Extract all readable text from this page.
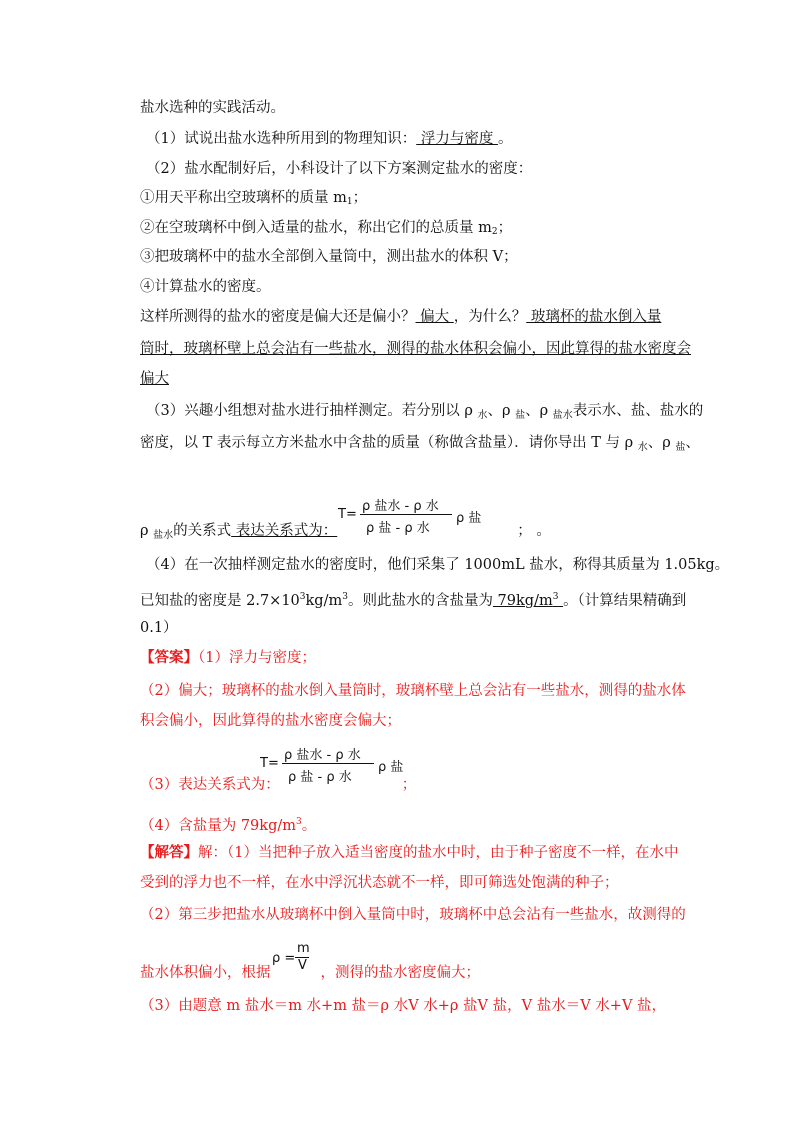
盐水选种的实践活动。
（1）试说出盐水选种所用到的物理知识： 浮力与密度 。
（2）盐水配制好后，小科设计了以下方案测定盐水的密度：
①用天平称出空玻璃杯的质量 $m_1$；
②在空玻璃杯中倒入适量的盐水，称出它们的总质量 $m_2$；
③把玻璃杯中的盐水全部倒入量筒中，测出盐水的体积 V；
④计算盐水的密度。
这样所测得的盐水的密度是偏大还是偏小？ 偏大 ，为什么？ 玻璃杯的盐水倒入量
筒时，玻璃杯壁上总会沾有一些盐水，测得的盐水体积会偏小，因此算得的盐水密度会
偏大
（3）兴趣小组想对盐水进行抽样测定。若分别以 ρ $_水$、ρ $_盐$、ρ $_{盐水}$表示水、盐、盐水的
密度，以 T 表示每立方米盐水中含盐的质量（称做含盐量）．请你导出 T 与 ρ $_水$、ρ $_盐$、
T=
ρ 盐水 - ρ 水
ρ 盐 - ρ 水
ρ 盐
ρ $_{盐水}$的关系式 表达关系式为：	； 。
（4）在一次抽样测定盐水的密度时，他们采集了 1000mL 盐水，称得其质量为 1.05kg。
已知盐的密度是 $2.7\times 10^3kg/m^3$。则此盐水的含盐量为 $79kg/m^3$ 。（计算结果精确到
0.1）
【答案】（1）浮力与密度；
（2）偏大；玻璃杯的盐水倒入量筒时，玻璃杯壁上总会沾有一些盐水，测得的盐水体
积会偏小，因此算得的盐水密度会偏大；
T=
ρ 盐水 - ρ 水
ρ 盐 - ρ 水
ρ 盐
（3）表达关系式为：	；
（4）含盐量为 $79kg/m^3$。
【解答】解：（1）当把种子放入适当密度的盐水中时，由于种子密度不一样，在水中
受到的浮力也不一样，在水中浮沉状态就不一样，即可筛选处饱满的种子；
（2）第三步把盐水从玻璃杯中倒入量筒中时，玻璃杯中总会沾有一些盐水，故测得的
ρ =
m
V
盐水体积偏小，根据	，测得的盐水密度偏大；
（3）由题意 m 盐水＝m 水+m 盐＝ρ 水V 水+ρ 盐V 盐，V 盐水＝V 水+V 盐，
